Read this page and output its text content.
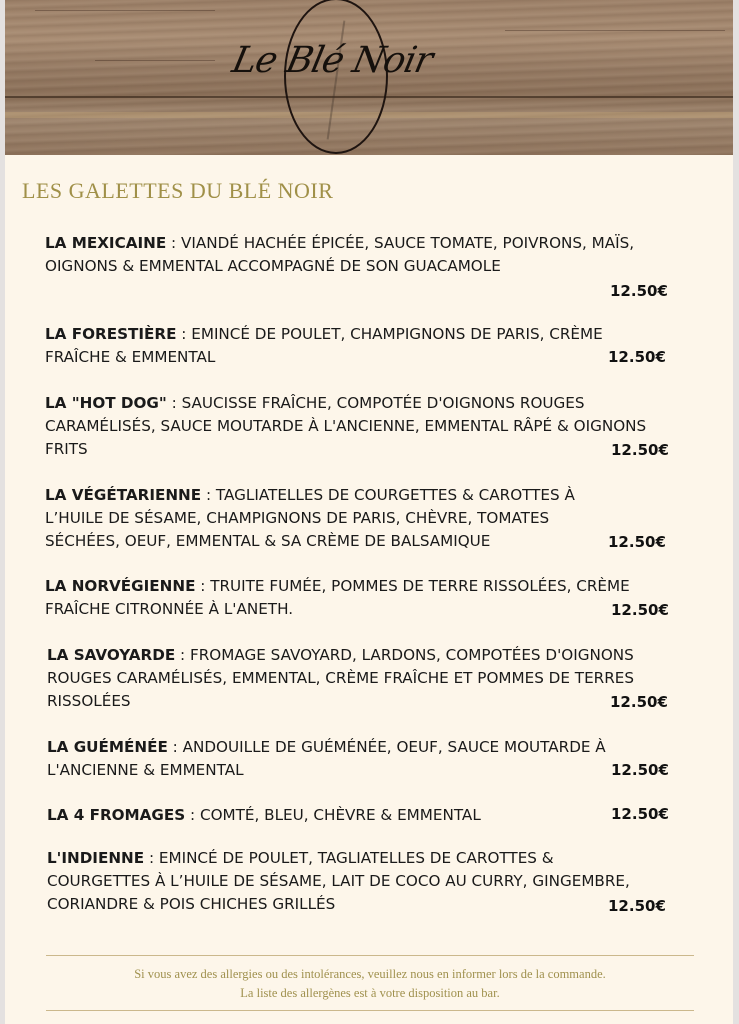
Le Blé Noir
LES GALETTES DU BLÉ NOIR
LA MEXICAINE : VIANDÉ HACHÉE ÉPICÉE, SAUCE TOMATE, POIVRONS, MAÏS, OIGNONS & EMMENTAL ACCOMPAGNÉ DE SON GUACAMOLE
12.50€
LA FORESTIÈRE : EMINCÉ DE POULET, CHAMPIGNONS DE PARIS, CRÈME FRAÎCHE & EMMENTAL	12.50€
LA "HOT DOG" : SAUCISSE FRAÎCHE, COMPOTÉE D'OIGNONS ROUGES CARAMÉLISÉS, SAUCE MOUTARDE À L'ANCIENNE, EMMENTAL RÂPÉ & OIGNONS FRITS	12.50€
LA VÉGÉTARIENNE : TAGLIATELLES DE COURGETTES & CAROTTES À L’HUILE DE SÉSAME, CHAMPIGNONS DE PARIS, CHÈVRE, TOMATES SÉCHÉES, OEUF, EMMENTAL & SA CRÈME DE BALSAMIQUE	12.50€
LA NORVÉGIENNE : TRUITE FUMÉE, POMMES DE TERRE RISSOLÉES, CRÈME FRAÎCHE CITRONNÉE À L'ANETH.	12.50€
LA SAVOYARDE : FROMAGE SAVOYARD, LARDONS, COMPOTÉES D'OIGNONS ROUGES CARAMÉLISÉS, EMMENTAL, CRÈME FRAÎCHE ET POMMES DE TERRES RISSOLÉES	12.50€
LA GUÉMÉNÉE : ANDOUILLE DE GUÉMÉNÉE, OEUF, SAUCE MOUTARDE À L'ANCIENNE & EMMENTAL	12.50€
LA 4 FROMAGES : COMTÉ, BLEU, CHÈVRE & EMMENTAL	12.50€
L'INDIENNE : EMINCÉ DE POULET, TAGLIATELLES DE CAROTTES & COURGETTES À L’HUILE DE SÉSAME, LAIT DE COCO AU CURRY, GINGEMBRE, CORIANDRE & POIS CHICHES GRILLÉS	12.50€
Si vous avez des allergies ou des intolérances, veuillez nous en informer lors de la commande.
La liste des allergènes est à votre disposition au bar.
